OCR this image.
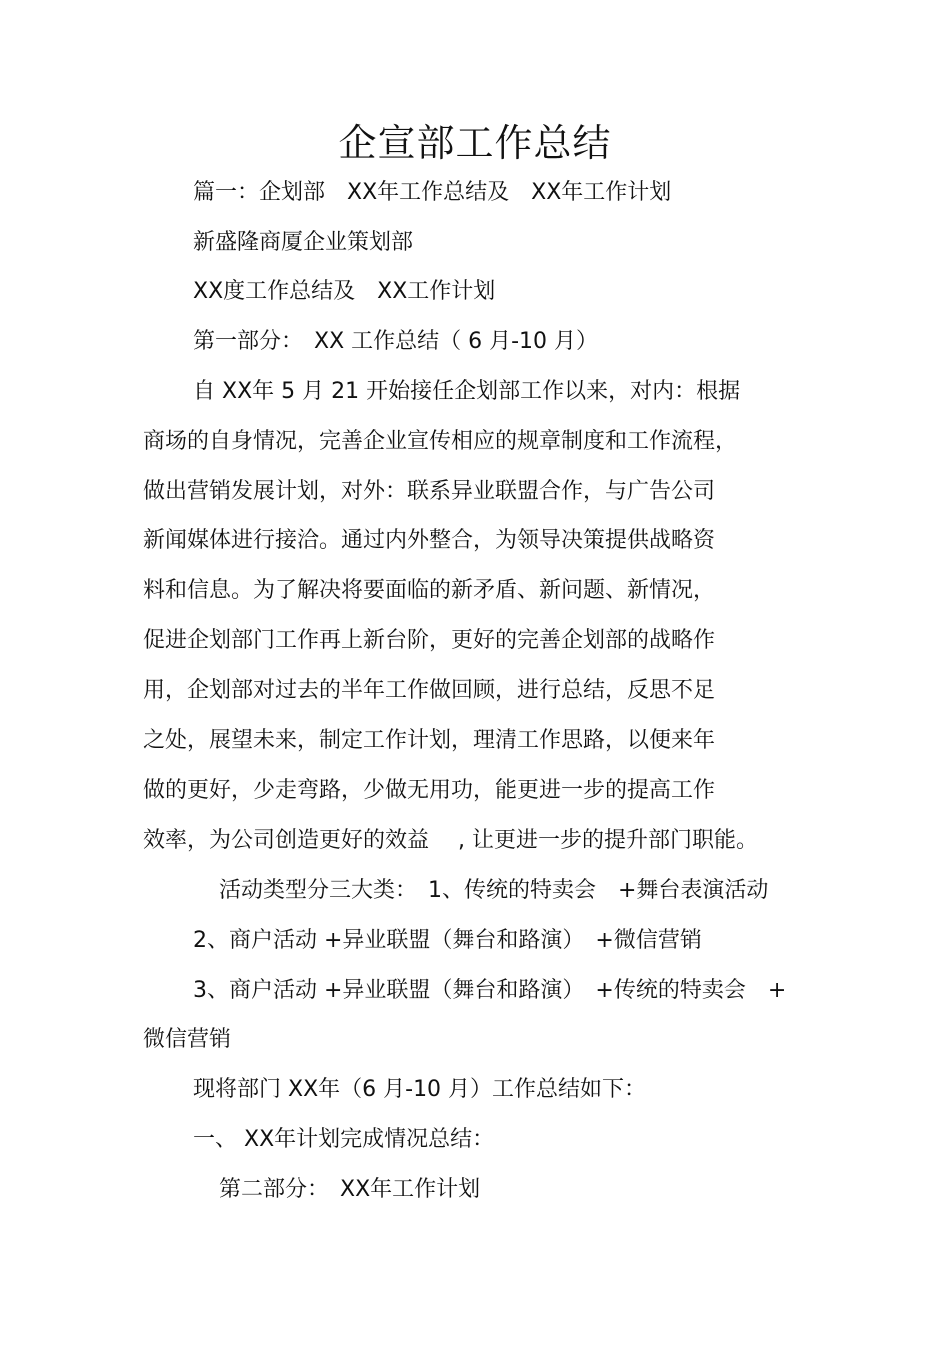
企宣部工作总结
篇一：企划部　XX年工作总结及　XX年工作计划
新盛隆商厦企业策划部
XX度工作总结及　XX工作计划
第一部分：　XX 工作总结（ 6 月-10 月）
自 XX年 5 月 21 开始接任企划部工作以来，对内：根据
商场的自身情况，完善企业宣传相应的规章制度和工作流程，
做出营销发展计划，对外：联系异业联盟合作，与广告公司
新闻媒体进行接洽。通过内外整合，为领导决策提供战略资
料和信息。为了解决将要面临的新矛盾、新问题、新情况，
促进企划部门工作再上新台阶，更好的完善企划部的战略作
用，企划部对过去的半年工作做回顾，进行总结，反思不足
之处，展望未来，制定工作计划，理清工作思路，以便来年
做的更好，少走弯路，少做无用功，能更进一步的提高工作
效率，为公司创造更好的效益　 , 让更进一步的提升部门职能。
活动类型分三大类：　1、传统的特卖会　+舞台表演活动
2、商户活动 +异业联盟（舞台和路演）　+微信营销
3、商户活动 +异业联盟（舞台和路演）　+传统的特卖会　+
微信营销
现将部门 XX年（6 月-10 月）工作总结如下：
一、 XX年计划完成情况总结：
第二部分：　XX年工作计划
